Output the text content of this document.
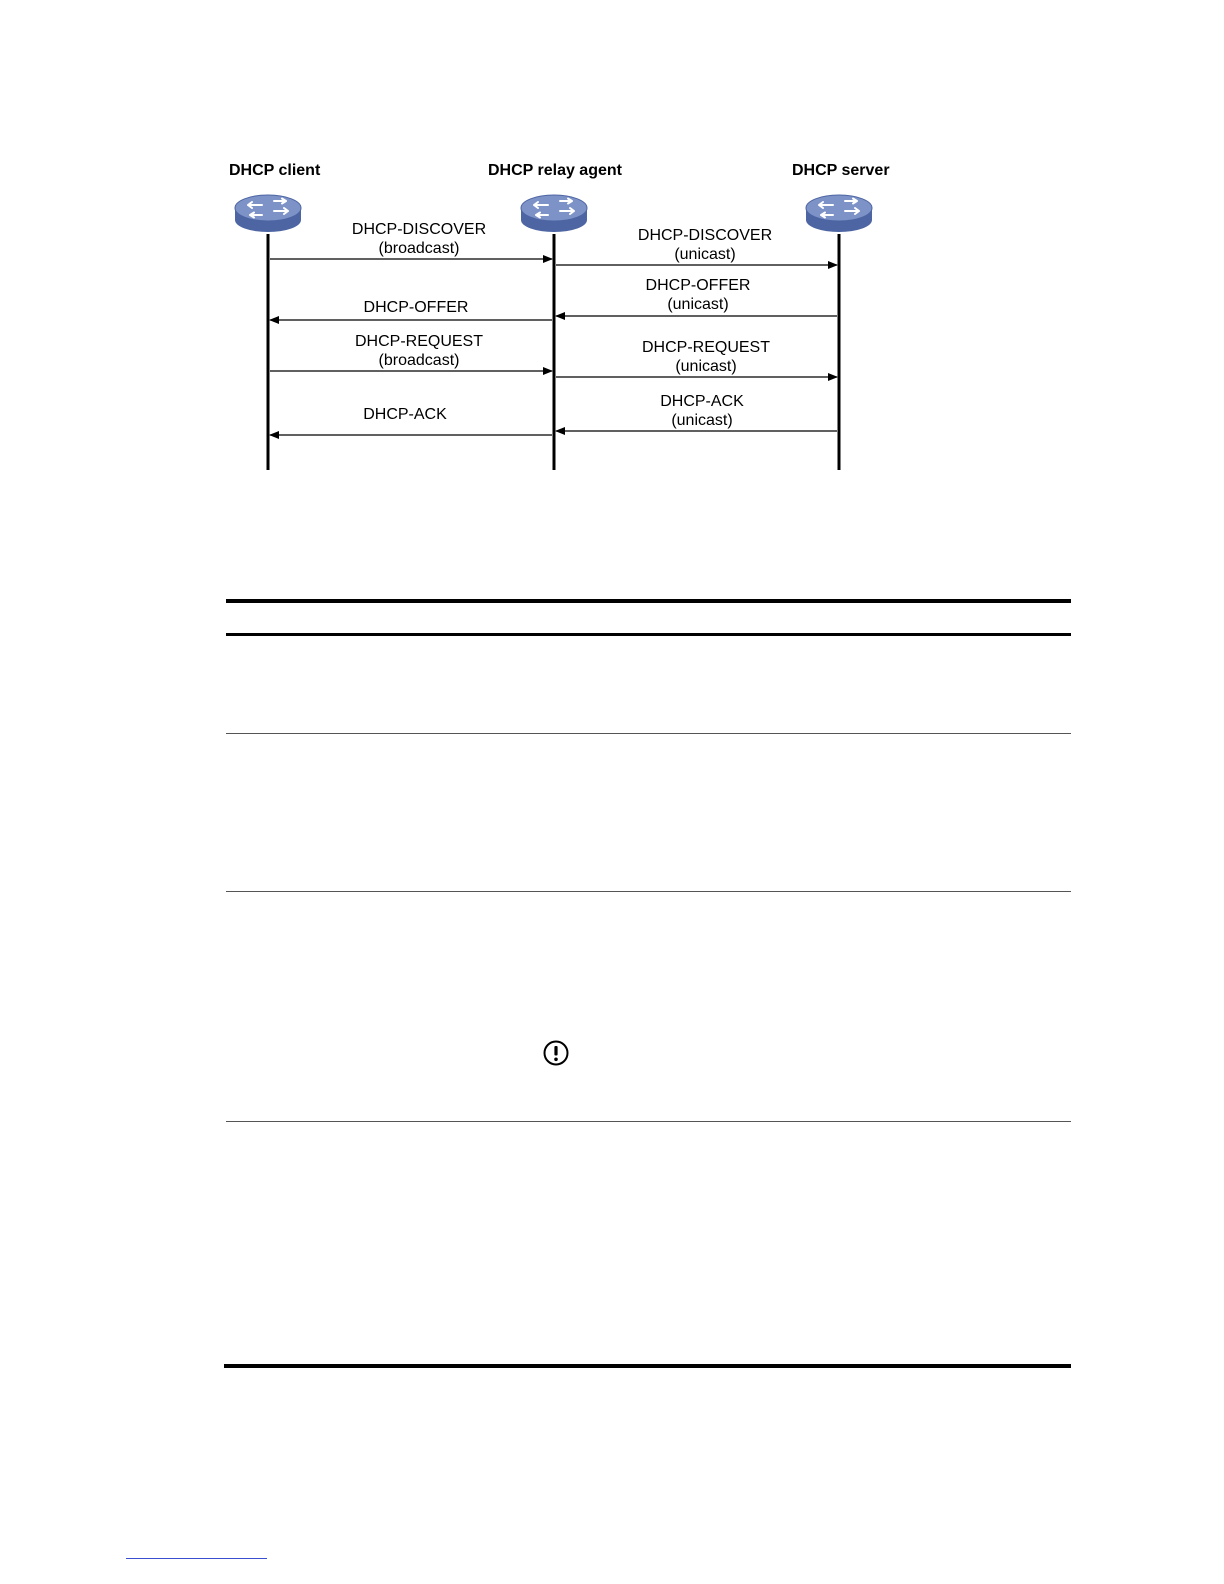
DHCP client	DHCP relay agent	DHCP server
DHCP-DISCOVER
(broadcast)
DHCP-DISCOVER
(unicast)
DHCP-OFFER
(unicast)
DHCP-OFFER
DHCP-REQUEST
(broadcast)
DHCP-REQUEST
(unicast)
DHCP-ACK
(unicast)
DHCP-ACK
